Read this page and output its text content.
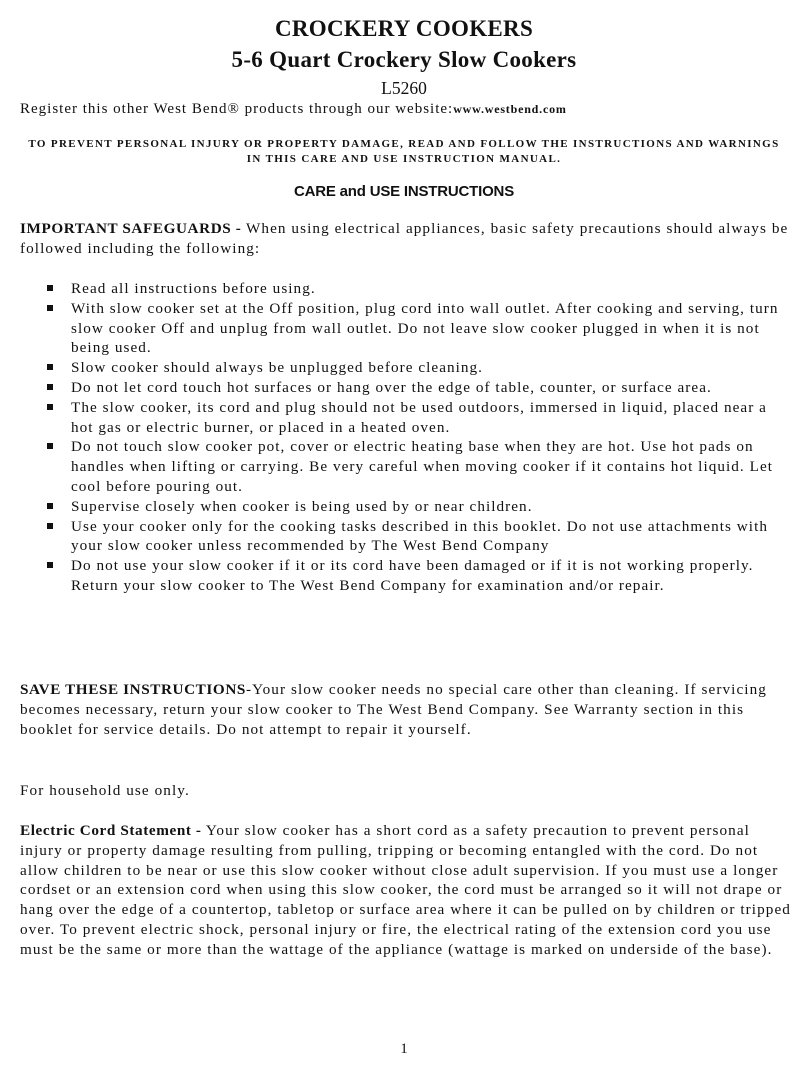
CROCKERY COOKERS
5-6 Quart Crockery Slow Cookers
L5260
Register this other West Bend® products through our website:www.westbend.com
TO PREVENT PERSONAL INJURY OR PROPERTY DAMAGE, READ AND FOLLOW THE INSTRUCTIONS AND WARNINGS IN THIS CARE AND USE INSTRUCTION MANUAL.
CARE and USE INSTRUCTIONS
IMPORTANT SAFEGUARDS - When using electrical appliances, basic safety precautions should always be followed including the following:
Read all instructions before using.
With slow cooker set at the Off position, plug cord into wall outlet. After cooking and serving, turn slow cooker Off and unplug from wall outlet. Do not leave slow cooker plugged in when it is not being used.
Slow cooker should always be unplugged before cleaning.
Do not let cord touch hot surfaces or hang over the edge of table, counter, or surface area.
The slow cooker, its cord and plug should not be used outdoors, immersed in liquid, placed near a hot gas or electric burner, or placed in a heated oven.
Do not touch slow cooker pot, cover or electric heating base when they are hot. Use hot pads on handles when lifting or carrying. Be very careful when moving cooker if it contains hot liquid. Let cool before pouring out.
Supervise closely when cooker is being used by or near children.
Use your cooker only for the cooking tasks described in this booklet. Do not use attachments with your slow cooker unless recommended by The West Bend Company
Do not use your slow cooker if it or its cord have been damaged or if it is not working properly. Return your slow cooker to The West Bend Company for examination and/or repair.
SAVE THESE INSTRUCTIONS-Your slow cooker needs no special care other than cleaning. If servicing becomes necessary, return your slow cooker to The West Bend Company. See Warranty section in this booklet for service details. Do not attempt to repair it yourself.
For household use only.
Electric Cord Statement - Your slow cooker has a short cord as a safety precaution to prevent personal injury or property damage resulting from pulling, tripping or becoming entangled with the cord. Do not allow children to be near or use this slow cooker without close adult supervision. If you must use a longer cordset or an extension cord when using this slow cooker, the cord must be arranged so it will not drape or hang over the edge of a countertop, tabletop or surface area where it can be pulled on by children or tripped over. To prevent electric shock, personal injury or fire, the electrical rating of the extension cord you use must be the same or more than the wattage of the appliance (wattage is marked on underside of the base).
1
